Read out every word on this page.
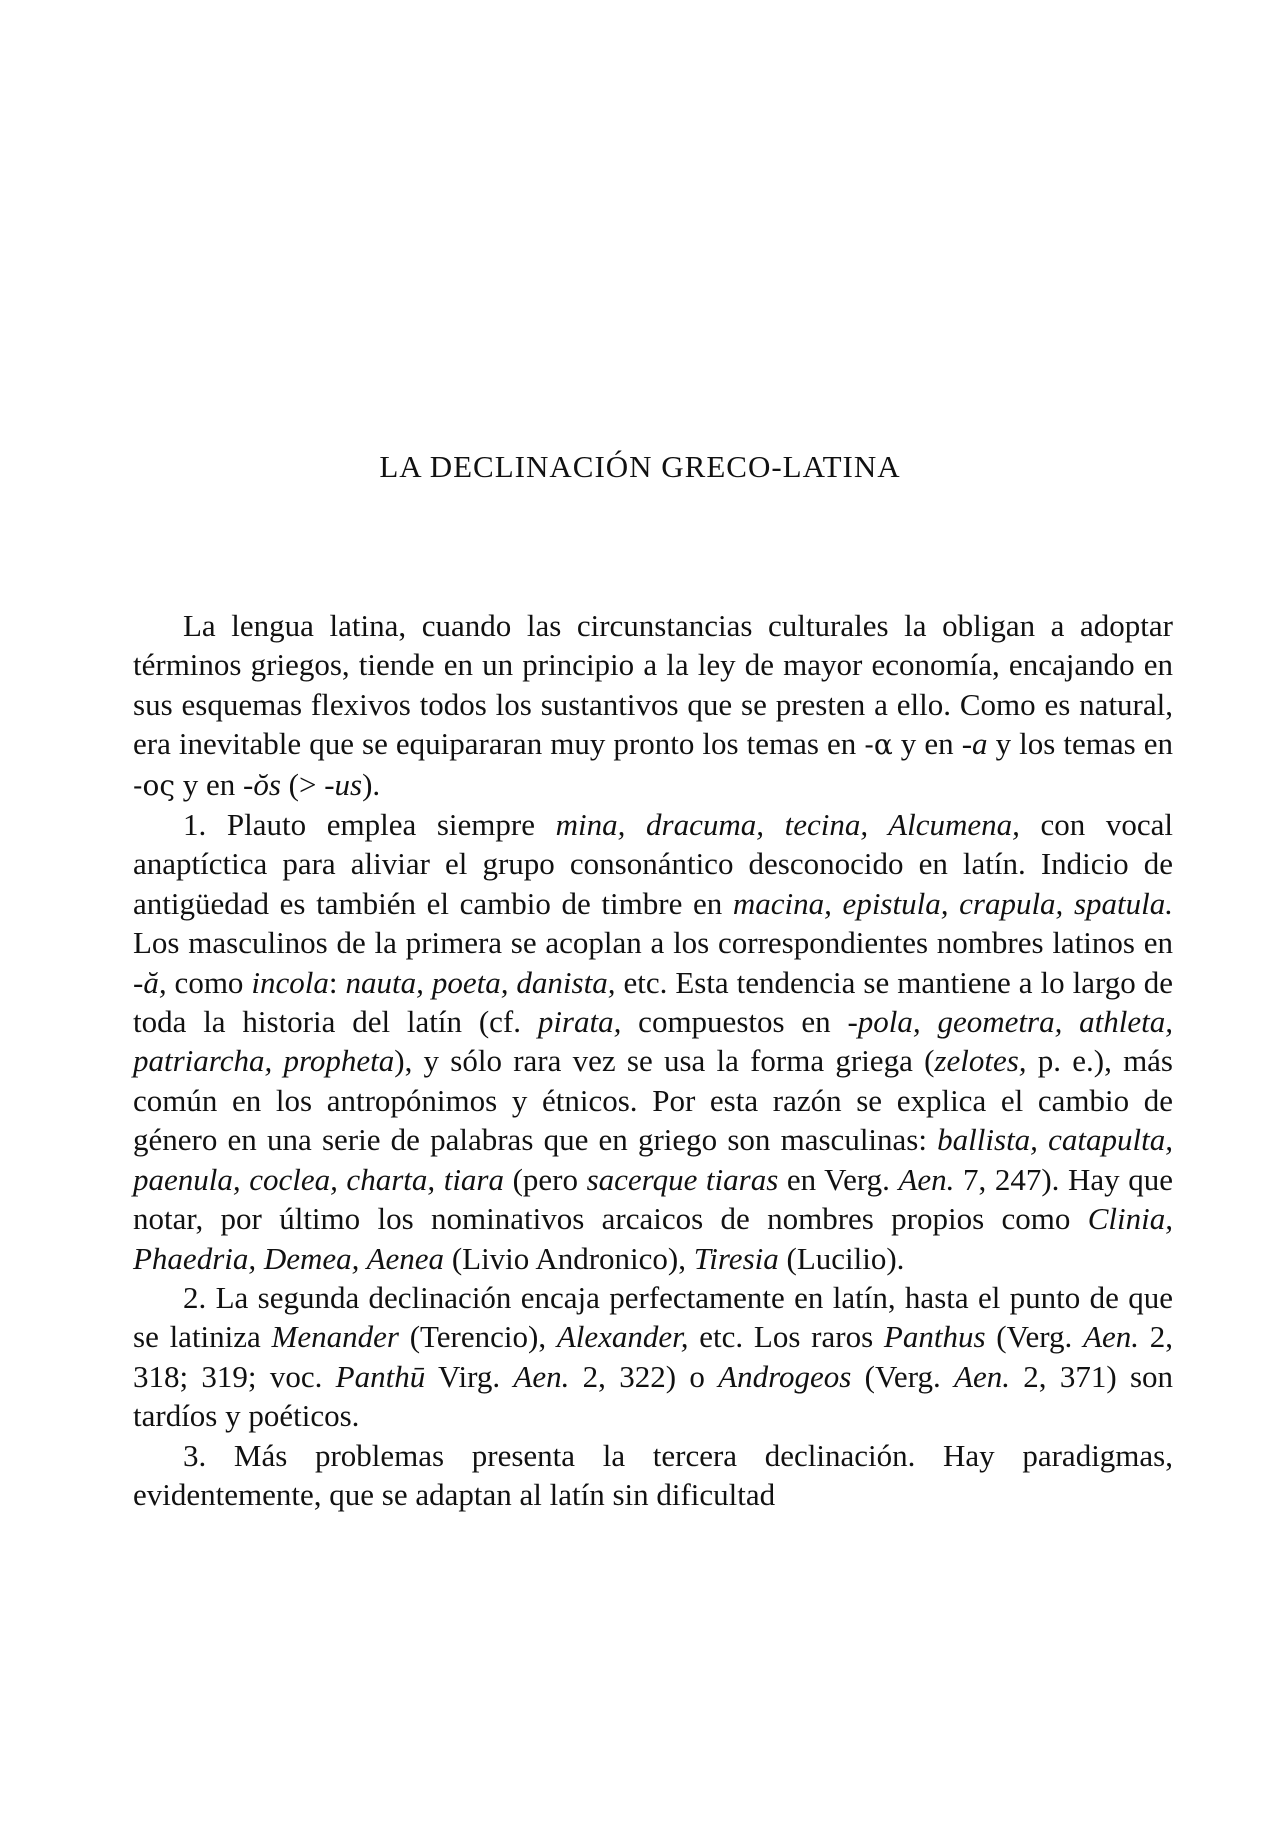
LA DECLINACIÓN GRECO-LATINA

La lengua latina, cuando las circunstancias culturales la obligan a adoptar términos griegos, tiende en un principio a la ley de mayor economía, encajando en sus esquemas flexivos todos los sustantivos que se presten a ello. Como es natural, era inevitable que se equipararan muy pronto los temas en -α y en -a y los temas en -ος y en -ŏs (> -us).

1. Plauto emplea siempre mina, dracuma, tecina, Alcumena, con vocal anaptíctica para aliviar el grupo consonántico desconocido en latín. Indicio de antigüedad es también el cambio de timbre en macina, epistula, crapula, spatula. Los masculinos de la primera se acoplan a los correspondientes nombres latinos en -ă, como incola: nauta, poeta, danista, etc. Esta tendencia se mantiene a lo largo de toda la historia del latín (cf. pirata, compuestos en -pola, geometra, athleta, patriarcha, propheta), y sólo rara vez se usa la forma griega (zelotes, p. e.), más común en los antropónimos y étnicos. Por esta razón se explica el cambio de género en una serie de palabras que en griego son masculinas: ballista, catapulta, paenula, coclea, charta, tiara (pero sacerque tiaras en Verg. Aen. 7, 247). Hay que notar, por último los nominativos arcaicos de nombres propios como Clinia, Phaedria, Demea, Aenea (Livio Andronico), Tiresia (Lucilio).

2. La segunda declinación encaja perfectamente en latín, hasta el punto de que se latiniza Menander (Terencio), Alexander, etc. Los raros Panthus (Verg. Aen. 2, 318; 319; voc. Panthū Virg. Aen. 2, 322) o Androgeos (Verg. Aen. 2, 371) son tardíos y poéticos.

3. Más problemas presenta la tercera declinación. Hay paradigmas, evidentemente, que se adaptan al latín sin dificultad
